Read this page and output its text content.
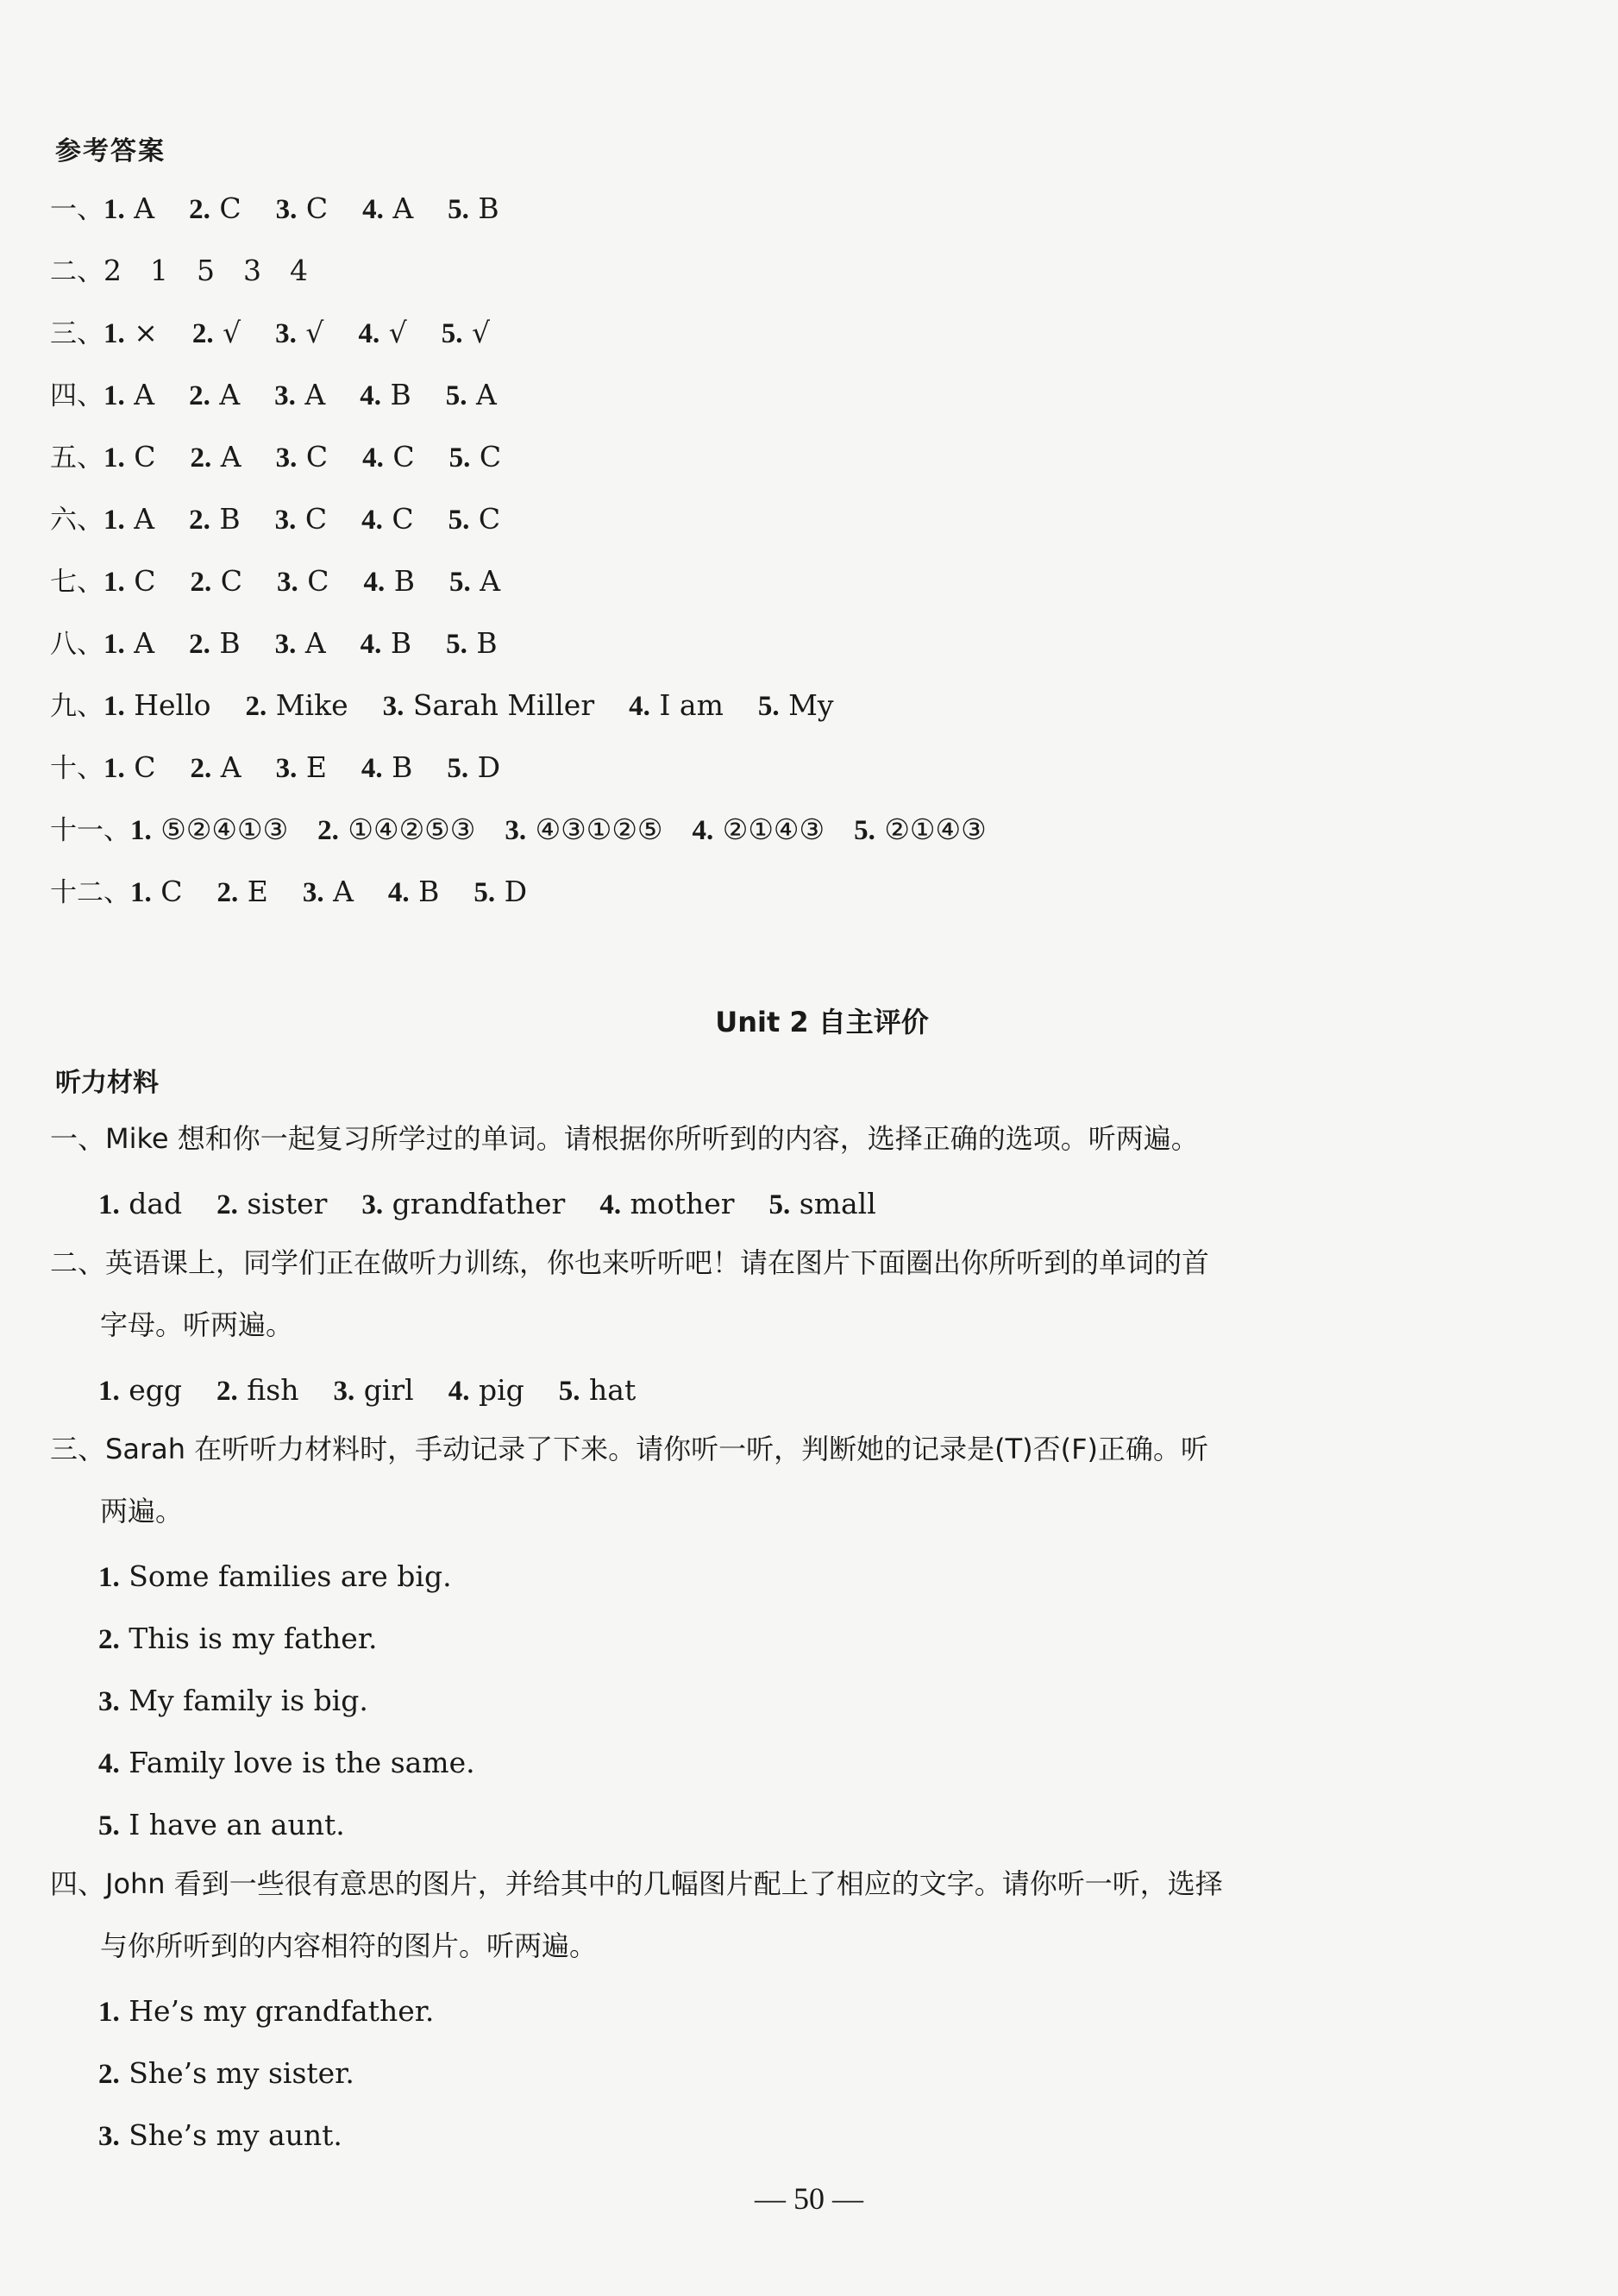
参考答案
一、1. A 2. C 3. C 4. A 5. B
二、2　1　5　3　4
三、1. × 2. √ 3. √ 4. √ 5. √
四、1. A 2. A 3. A 4. B 5. A
五、1. C 2. A 3. C 4. C 5. C
六、1. A 2. B 3. C 4. C 5. C
七、1. C 2. C 3. C 4. B 5. A
八、1. A 2. B 3. A 4. B 5. B
九、1. Hello 2. Mike 3. Sarah Miller 4. I am 5. My
十、1. C 2. A 3. E 4. B 5. D
十一、1. ⑤②④①③ 2. ①④②⑤③ 3. ④③①②⑤ 4. ②①④③ 5. ②①④③
十二、1. C 2. E 3. A 4. B 5. D
Unit 2 自主评价
听力材料
一、Mike 想和你一起复习所学过的单词。请根据你所听到的内容，选择正确的选项。听两遍。
1. dad 2. sister 3. grandfather 4. mother 5. small
二、英语课上，同学们正在做听力训练，你也来听听吧！请在图片下面圈出你所听到的单词的首
字母。听两遍。
1. egg 2. fish 3. girl 4. pig 5. hat
三、Sarah 在听听力材料时，手动记录了下来。请你听一听，判断她的记录是(T)否(F)正确。听
两遍。
1. Some families are big.
2. This is my father.
3. My family is big.
4. Family love is the same.
5. I have an aunt.
四、John 看到一些很有意思的图片，并给其中的几幅图片配上了相应的文字。请你听一听，选择
与你所听到的内容相符的图片。听两遍。
1. He’s my grandfather.
2. She’s my sister.
3. She’s my aunt.
— 50 —
